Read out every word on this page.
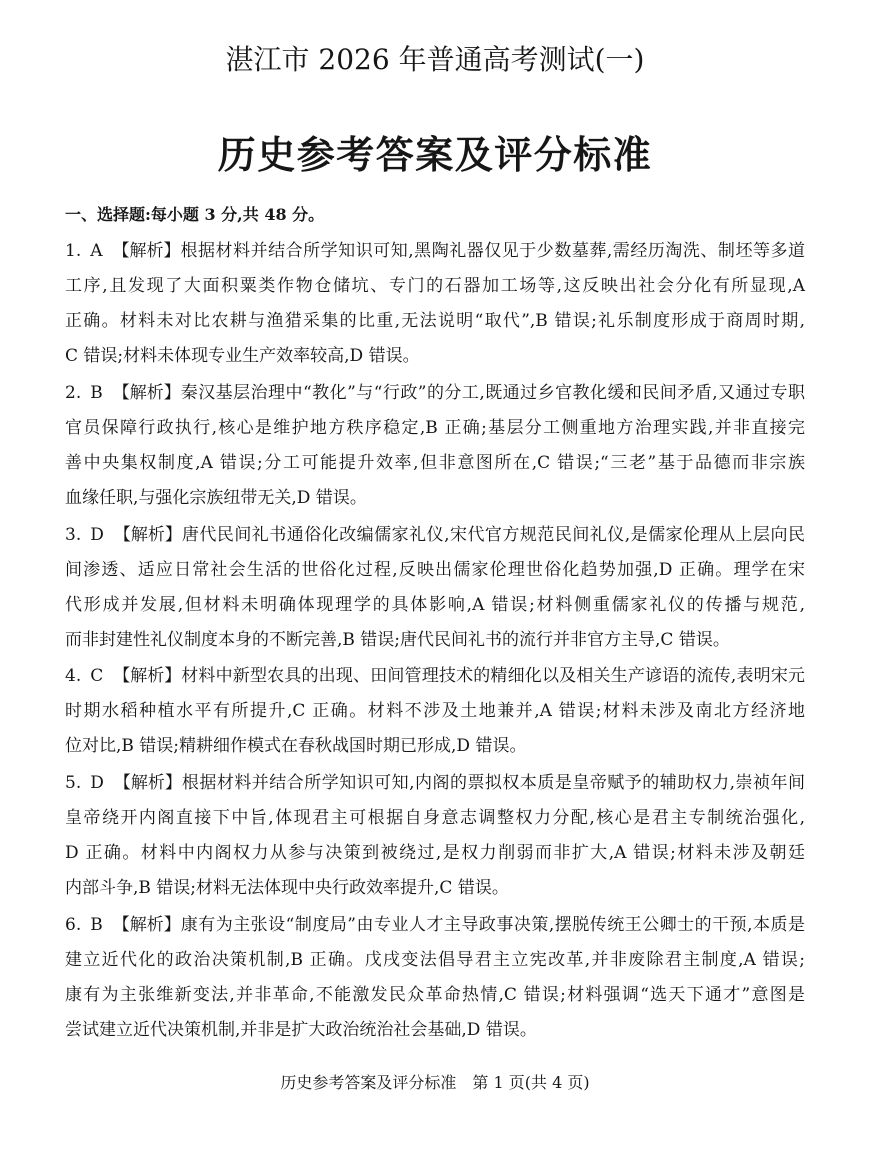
湛江市 2026 年普通高考测试(一)
历史参考答案及评分标准
一、选择题:每小题 3 分,共 48 分。
1. A 【解析】 根据材料并结合所学知识可知,黑陶礼器仅见于少数墓葬,需经历淘洗、制坯等多道
工序,且发现了大面积粟类作物仓储坑、专门的石器加工场等,这反映出社会分化有所显现,A
正确。材料未对比农耕与渔猎采集的比重,无法说明“取代”,B 错误;礼乐制度形成于商周时期,
C 错误;材料未体现专业生产效率较高,D 错误。
2. B 【解析】 秦汉基层治理中“教化”与“行政”的分工,既通过乡官教化缓和民间矛盾,又通过专职
官员保障行政执行,核心是维护地方秩序稳定,B 正确;基层分工侧重地方治理实践,并非直接完
善中央集权制度,A 错误;分工可能提升效率,但非意图所在,C 错误;“三老”基于品德而非宗族
血缘任职,与强化宗族纽带无关,D 错误。
3. D 【解析】 唐代民间礼书通俗化改编儒家礼仪,宋代官方规范民间礼仪,是儒家伦理从上层向民
间渗透、适应日常社会生活的世俗化过程,反映出儒家伦理世俗化趋势加强,D 正确。理学在宋
代形成并发展,但材料未明确体现理学的具体影响,A 错误;材料侧重儒家礼仪的传播与规范,
而非封建性礼仪制度本身的不断完善,B 错误;唐代民间礼书的流行并非官方主导,C 错误。
4. C 【解析】 材料中新型农具的出现、田间管理技术的精细化以及相关生产谚语的流传,表明宋元
时期水稻种植水平有所提升,C 正确。材料不涉及土地兼并,A 错误;材料未涉及南北方经济地
位对比,B 错误;精耕细作模式在春秋战国时期已形成,D 错误。
5. D 【解析】 根据材料并结合所学知识可知,内阁的票拟权本质是皇帝赋予的辅助权力,崇祯年间
皇帝绕开内阁直接下中旨,体现君主可根据自身意志调整权力分配,核心是君主专制统治强化,
D 正确。材料中内阁权力从参与决策到被绕过,是权力削弱而非扩大,A 错误;材料未涉及朝廷
内部斗争,B 错误;材料无法体现中央行政效率提升,C 错误。
6. B 【解析】 康有为主张设“制度局”由专业人才主导政事决策,摆脱传统王公卿士的干预,本质是
建立近代化的政治决策机制,B 正确。戊戌变法倡导君主立宪改革,并非废除君主制度,A 错误;
康有为主张维新变法,并非革命,不能激发民众革命热情,C 错误;材料强调“选天下通才”意图是
尝试建立近代决策机制,并非是扩大政治统治社会基础,D 错误。
历史参考答案及评分标准 第 1 页(共 4 页)
